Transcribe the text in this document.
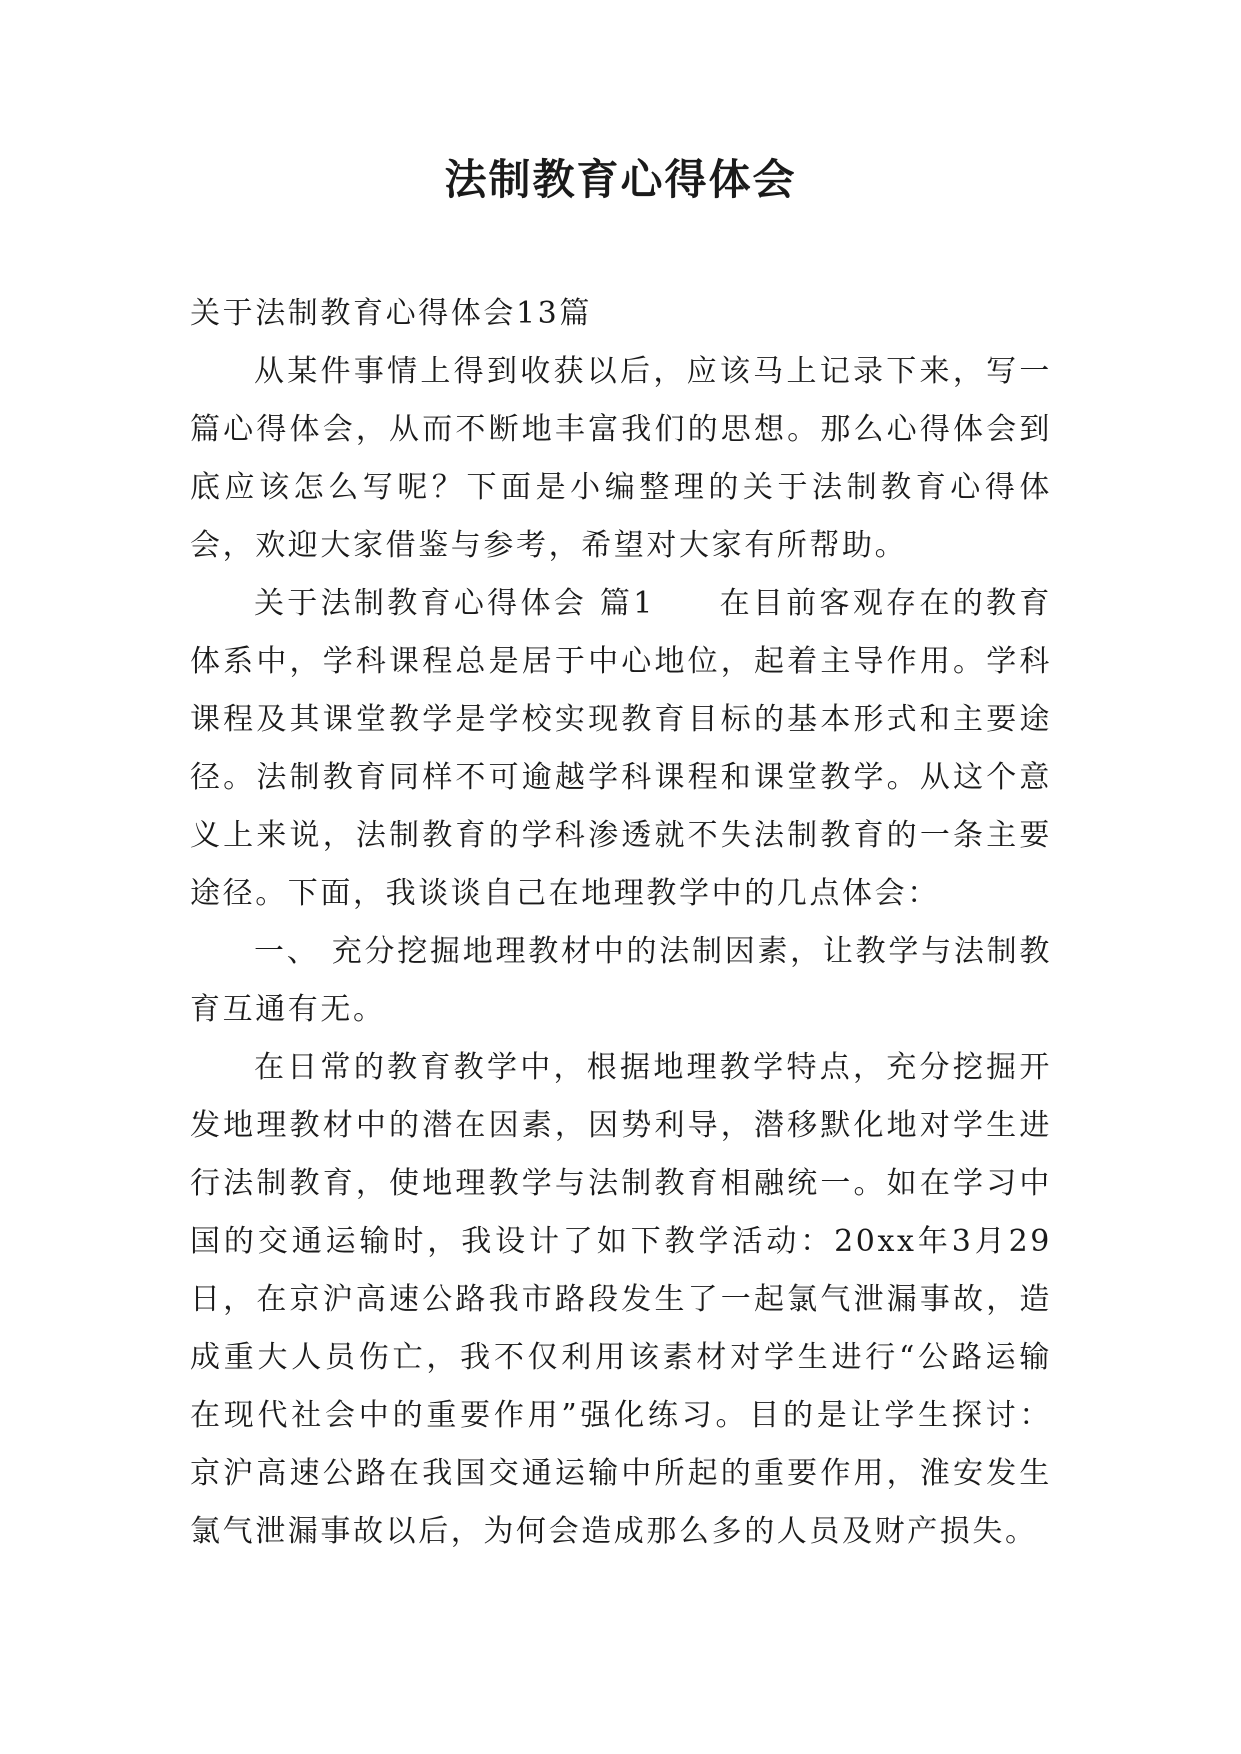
法制教育心得体会

关于法制教育心得体会13篇

从某件事情上得到收获以后，应该马上记录下来，写一篇心得体会，从而不断地丰富我们的思想。那么心得体会到底应该怎么写呢？下面是小编整理的关于法制教育心得体会，欢迎大家借鉴与参考，希望对大家有所帮助。

关于法制教育心得体会 篇1 在目前客观存在的教育体系中，学科课程总是居于中心地位，起着主导作用。学科课程及其课堂教学是学校实现教育目标的基本形式和主要途径。法制教育同样不可逾越学科课程和课堂教学。从这个意义上来说，法制教育的学科渗透就不失法制教育的一条主要途径。下面，我谈谈自己在地理教学中的几点体会：

一、 充分挖掘地理教材中的法制因素，让教学与法制教育互通有无。

在日常的教育教学中，根据地理教学特点，充分挖掘开发地理教材中的潜在因素，因势利导，潜移默化地对学生进行法制教育，使地理教学与法制教育相融统一。如在学习中国的交通运输时，我设计了如下教学活动：20xx年3月29日，在京沪高速公路我市路段发生了一起氯气泄漏事故，造成重大人员伤亡，我不仅利用该素材对学生进行“公路运输在现代社会中的重要作用”强化练习。目的是让学生探讨：京沪高速公路在我国交通运输中所起的重要作用，淮安发生氯气泄漏事故以后，为何会造成那么多的人员及财产损失。
